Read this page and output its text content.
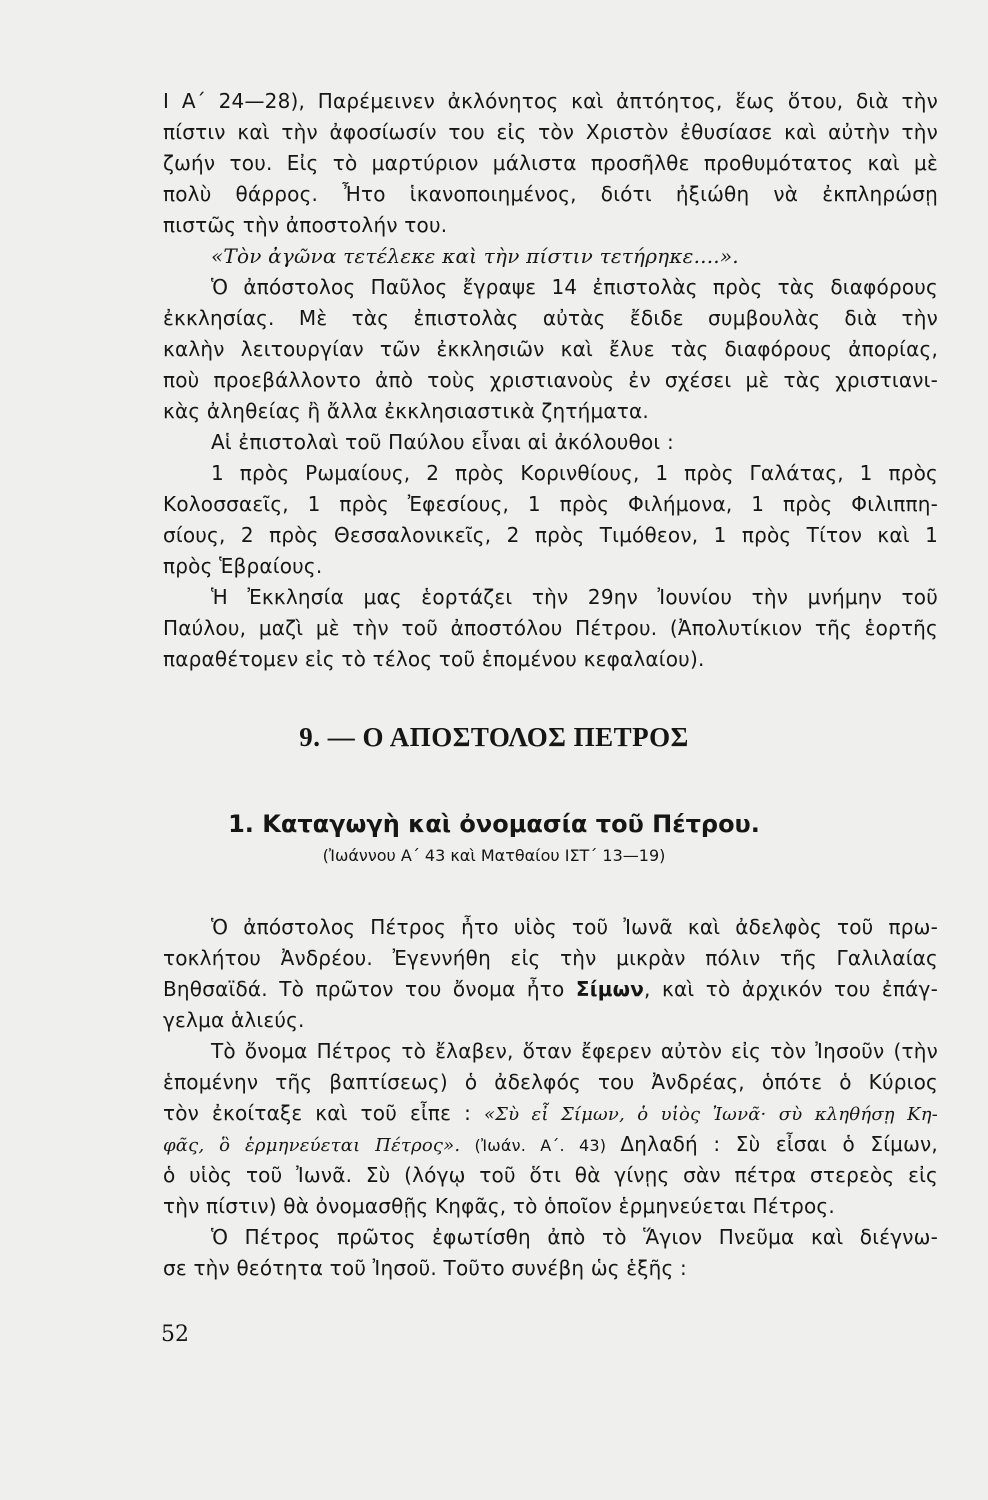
Ι Α΄ 24—28), Παρέμεινεν ἀκλόνητος καὶ ἀπτόητος, ἕως ὅτου, διὰ τὴν
πίστιν καὶ τὴν ἀφοσίωσίν του εἰς τὸν Χριστὸν ἐθυσίασε καὶ αὐτὴν τὴν
ζωήν του. Εἰς τὸ μαρτύριον μάλιστα προσῆλθε προθυμότατος καὶ μὲ
πολὺ θάρρος. Ἦτο ἱκανοποιημένος, διότι ἠξιώθη νὰ ἐκπληρώσῃ
πιστῶς τὴν ἀποστολήν του.
«Τὸν ἀγῶνα τετέλεκε καὶ τὴν πίστιν τετήρηκε....».
Ὁ ἀπόστολος Παῦλος ἔγραψε 14 ἐπιστολὰς πρὸς τὰς διαφόρους
ἐκκλησίας. Μὲ τὰς ἐπιστολὰς αὐτὰς ἔδιδε συμβουλὰς διὰ τὴν
καλὴν λειτουργίαν τῶν ἐκκλησιῶν καὶ ἔλυε τὰς διαφόρους ἀπορίας,
ποὺ προεβάλλοντο ἀπὸ τοὺς χριστιανοὺς ἐν σχέσει μὲ τὰς χριστιανι-
κὰς ἀληθείας ἢ ἄλλα ἐκκλησιαστικὰ ζητήματα.
Αἱ ἐπιστολαὶ τοῦ Παύλου εἶναι αἱ ἀκόλουθοι :
1 πρὸς Ρωμαίους, 2 πρὸς Κορινθίους, 1 πρὸς Γαλάτας, 1 πρὸς
Κολοσσαεῖς, 1 πρὸς Ἐφεσίους, 1 πρὸς Φιλήμονα, 1 πρὸς Φιλιππη-
σίους, 2 πρὸς Θεσσαλονικεῖς, 2 πρὸς Τιμόθεον, 1 πρὸς Τίτον καὶ 1
πρὸς Ἑβραίους.
Ἡ Ἐκκλησία μας ἑορτάζει τὴν 29ην Ἰουνίου τὴν μνήμην τοῦ
Παύλου, μαζὶ μὲ τὴν τοῦ ἀποστόλου Πέτρου. (Ἀπολυτίκιον τῆς ἑορτῆς
παραθέτομεν εἰς τὸ τέλος τοῦ ἑπομένου κεφαλαίου).
9. — Ο ΑΠΟΣΤΟΛΟΣ ΠΕΤΡΟΣ
1. Καταγωγὴ καὶ ὀνομασία τοῦ Πέτρου.
(Ἰωάννου Α΄ 43 καὶ Ματθαίου ΙΣΤ΄ 13—19)
Ὁ ἀπόστολος Πέτρος ἦτο υἱὸς τοῦ Ἰωνᾶ καὶ ἀδελφὸς τοῦ πρω-
τοκλήτου Ἀνδρέου. Ἐγεννήθη εἰς τὴν μικρὰν πόλιν τῆς Γαλιλαίας
Βηθσαϊδά. Τὸ πρῶτον του ὄνομα ἦτο Σίμων, καὶ τὸ ἀρχικόν του ἐπάγ-
γελμα ἁλιεύς.
Τὸ ὄνομα Πέτρος τὸ ἔλαβεν, ὅταν ἔφερεν αὐτὸν εἰς τὸν Ἰησοῦν (τὴν
ἑπομένην τῆς βαπτίσεως) ὁ ἀδελφός του Ἀνδρέας, ὁπότε ὁ Κύριος
τὸν ἐκοίταξε καὶ τοῦ εἶπε : «Σὺ εἶ Σίμων, ὁ υἱὸς Ἰωνᾶ· σὺ κληθήσῃ Κη-
φᾶς, ὃ ἑρμηνεύεται Πέτρος». (Ἰωάν. Α΄. 43) Δηλαδή : Σὺ εἶσαι ὁ Σίμων,
ὁ υἱὸς τοῦ Ἰωνᾶ. Σὺ (λόγῳ τοῦ ὅτι θὰ γίνῃς σὰν πέτρα στερεὸς εἰς
τὴν πίστιν) θὰ ὀνομασθῇς Κηφᾶς, τὸ ὁποῖον ἑρμηνεύεται Πέτρος.
Ὁ Πέτρος πρῶτος ἐφωτίσθη ἀπὸ τὸ Ἅγιον Πνεῦμα καὶ διέγνω-
σε τὴν θεότητα τοῦ Ἰησοῦ. Τοῦτο συνέβη ὡς ἑξῆς :
52
